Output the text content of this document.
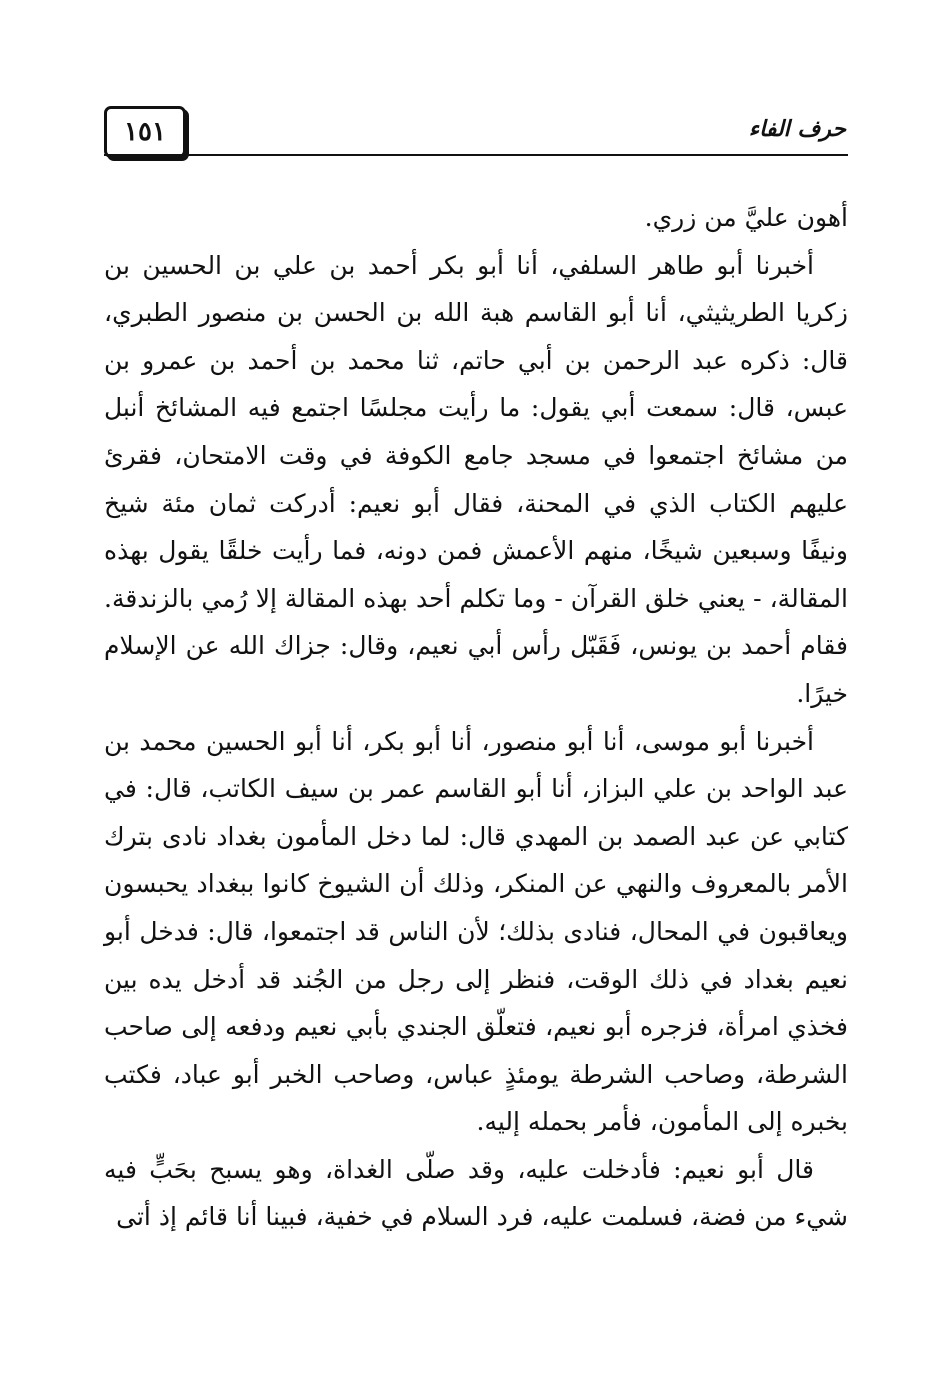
١٥١	حرف الفاء

أهون عليَّ من زري.

أخبرنا أبو طاهر السلفي، أنا أبو بكر أحمد بن علي بن الحسين بن زكريا الطريثيثي، أنا أبو القاسم هبة الله بن الحسن بن منصور الطبري، قال: ذكره عبد الرحمن بن أبي حاتم، ثنا محمد بن أحمد بن عمرو بن عبس، قال: سمعت أبي يقول: ما رأيت مجلسًا اجتمع فيه المشائخ أنبل من مشائخ اجتمعوا في مسجد جامع الكوفة في وقت الامتحان، فقرئ عليهم الكتاب الذي في المحنة، فقال أبو نعيم: أدركت ثمان مئة شيخ ونيفًا وسبعين شيخًا، منهم الأعمش فمن دونه، فما رأيت خلقًا يقول بهذه المقالة، - يعني خلق القرآن - وما تكلم أحد بهذه المقالة إلا رُمي بالزندقة. فقام أحمد بن يونس، فَقَبّل رأس أبي نعيم، وقال: جزاك الله عن الإسلام خيرًا.

أخبرنا أبو موسى، أنا أبو منصور، أنا أبو بكر، أنا أبو الحسين محمد بن عبد الواحد بن علي البزاز، أنا أبو القاسم عمر بن سيف الكاتب، قال: في كتابي عن عبد الصمد بن المهدي قال: لما دخل المأمون بغداد نادى بترك الأمر بالمعروف والنهي عن المنكر، وذلك أن الشيوخ كانوا ببغداد يحبسون ويعاقبون في المحال، فنادى بذلك؛ لأن الناس قد اجتمعوا، قال: فدخل أبو نعيم بغداد في ذلك الوقت، فنظر إلى رجل من الجُند قد أدخل يده بين فخذي امرأة، فزجره أبو نعيم، فتعلّق الجندي بأبي نعيم ودفعه إلى صاحب الشرطة، وصاحب الشرطة يومئذٍ عباس، وصاحب الخبر أبو عباد، فكتب بخبره إلى المأمون، فأمر بحمله إليه.

قال أبو نعيم: فأدخلت عليه، وقد صلّى الغداة، وهو يسبح بحَبٍّ فيه شيء من فضة، فسلمت عليه، فرد السلام في خفية، فبينا أنا قائم إذ أتى
